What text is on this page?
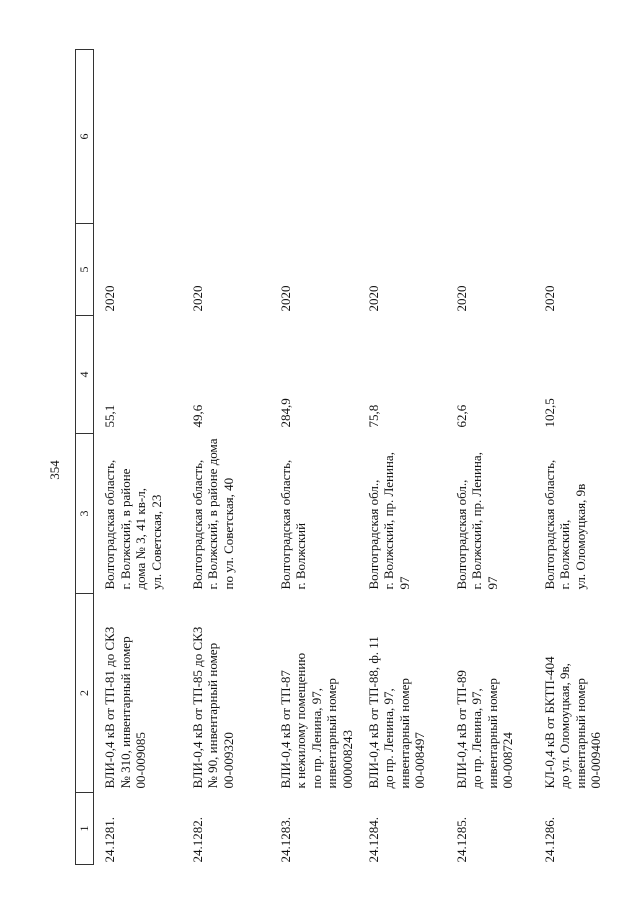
354
1	2	3	4	5	6
24.1281.	ВЛИ-0,4 кВ от ТП-81 до СКЗ
№ 310, инвентарный номер
00-009085	Волгоградская область,
г. Волжский, в районе
дома № 3, 41 кв-л,
ул. Советская, 23	55,1	2020	
24.1282.	ВЛИ-0,4 кВ от ТП-85 до СКЗ
№ 90, инвентарный номер
00-009320	Волгоградская область,
г. Волжский, в районе дома
по ул. Советская, 40	49,6	2020	
24.1283.	ВЛИ-0,4 кВ от ТП-87
к нежилому помещению
по пр. Ленина, 97,
инвентарный номер
000008243	Волгоградская область,
г. Волжский	284,9	2020	
24.1284.	ВЛИ-0,4 кВ от ТП-88, ф. 11
до пр. Ленина, 97,
инвентарный номер
00-008497	Волгоградская обл.,
г. Волжский, пр. Ленина, 97	75,8	2020	
24.1285.	ВЛИ-0,4 кВ от ТП-89
до пр. Ленина, 97,
инвентарный номер
00-008724	Волгоградская обл.,
г. Волжский, пр. Ленина, 97	62,6	2020	
24.1286.	КЛ-0,4 кВ от БКТП-404
до ул. Оломоуцкая, 9в,
инвентарный номер
00-009406	Волгоградская область,
г. Волжский,
ул. Оломоуцкая, 9в	102,5	2020	
